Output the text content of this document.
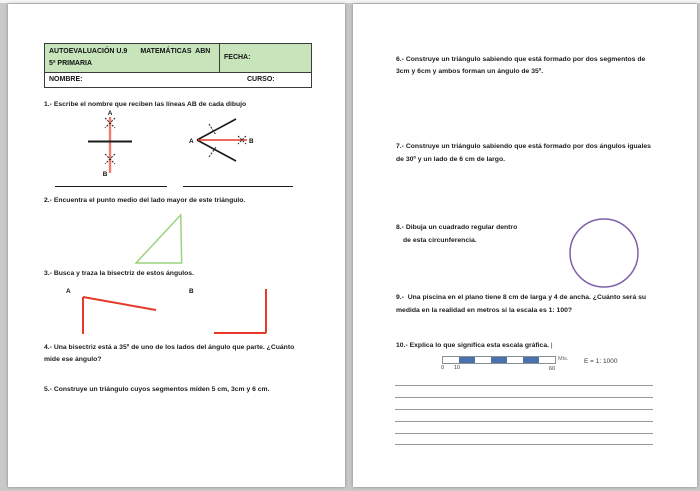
AUTOEVALUACIÓN U.9 MATEMÁTICAS  ABN
5ª PRIMARIA
FECHA:
NOMBRE:	CURSO:
1.- Escribe el nombre que reciben las líneas AB de cada dibujo
A
B
A	B
2.- Encuentra el punto medio del lado mayor de este triángulo.
3.- Busca y traza la bisectriz de estos ángulos.
A	B
4.- Una bisectriz está a 35º de uno de los lados del ángulo que parte. ¿Cuánto
mide ese ángulo?
5.- Construye un triángulo cuyos segmentos miden 5 cm, 3cm y 6 cm.
6.- Construye un triángulo sabiendo que está formado por dos segmentos de
3cm y 6cm y ambos forman un ángulo de 35º.
7.- Construye un triángulo sabiendo que está formado por dos ángulos iguales
de 30º y un lado de 6 cm de largo.
8.- Dibuja un cuadrado regular dentro
de esta circunferencia.
9.-  Una piscina en el plano tiene 8 cm de larga y 4 de ancha. ¿Cuánto será su
medida en la realidad en metros si la escala es 1: 100?
10.- Explica lo que significa esta escala gráfica. |
0 10	60
Mts. E = 1: 1000
